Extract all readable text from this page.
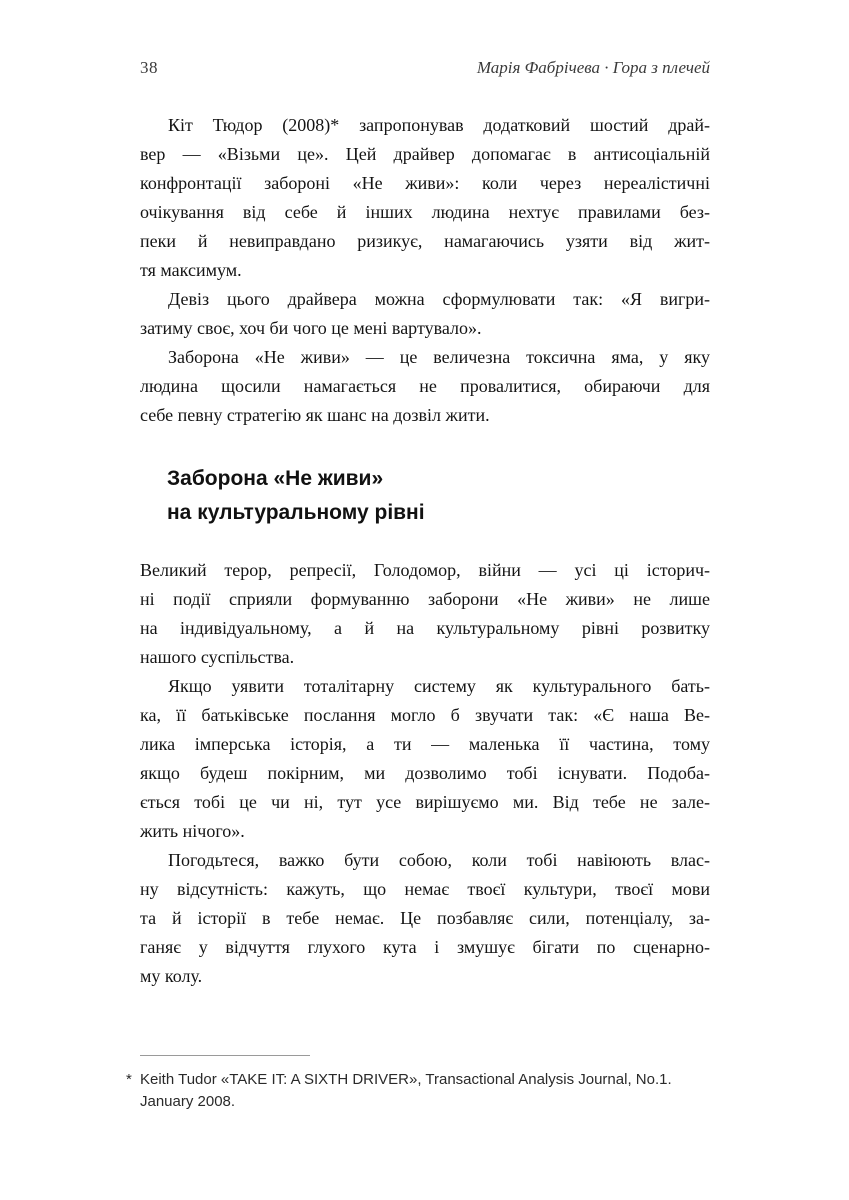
38	Марія Фабрічева · Гора з плечей

Кіт Тюдор (2008)* запропонував додатковий шостий драй-
вер — «Візьми це». Цей драйвер допомагає в антисоціальній
конфронтації забороні «Не живи»: коли через нереалістичні
очікування від себе й інших людина нехтує правилами без-
пеки й невиправдано ризикує, намагаючись узяти від жит-
тя максимум.

Девіз цього драйвера можна сформулювати так: «Я вигри-
затиму своє, хоч би чого це мені вартувало».

Заборона «Не живи» — це величезна токсична яма, у яку
людина щосили намагається не провалитися, обираючи для
себе певну стратегію як шанс на дозвіл жити.

Заборона «Не живи»
на культуральному рівні

Великий терор, репресії, Голодомор, війни — усі ці історич-
ні події сприяли формуванню заборони «Не живи» не лише
на індивідуальному, а й на культуральному рівні розвитку
нашого суспільства.

Якщо уявити тоталітарну систему як культурального бать-
ка, її батьківське послання могло б звучати так: «Є наша Ве-
лика імперська історія, а ти — маленька її частина, тому
якщо будеш покірним, ми дозволимо тобі існувати. Подоба-
ється тобі це чи ні, тут усе вирішуємо ми. Від тебе не зале-
жить нічого».

Погодьтеся, важко бути собою, коли тобі навіюють влас-
ну відсутність: кажуть, що немає твоєї культури, твоєї мови
та й історії в тебе немає. Це позбавляє сили, потенціалу, за-
ганяє у відчуття глухого кута і змушує бігати по сценарно-
му колу.

* Keith Tudor «TAKE IT: A SIXTH DRIVER», Transactional Analysis Journal, No.1.
January 2008.
